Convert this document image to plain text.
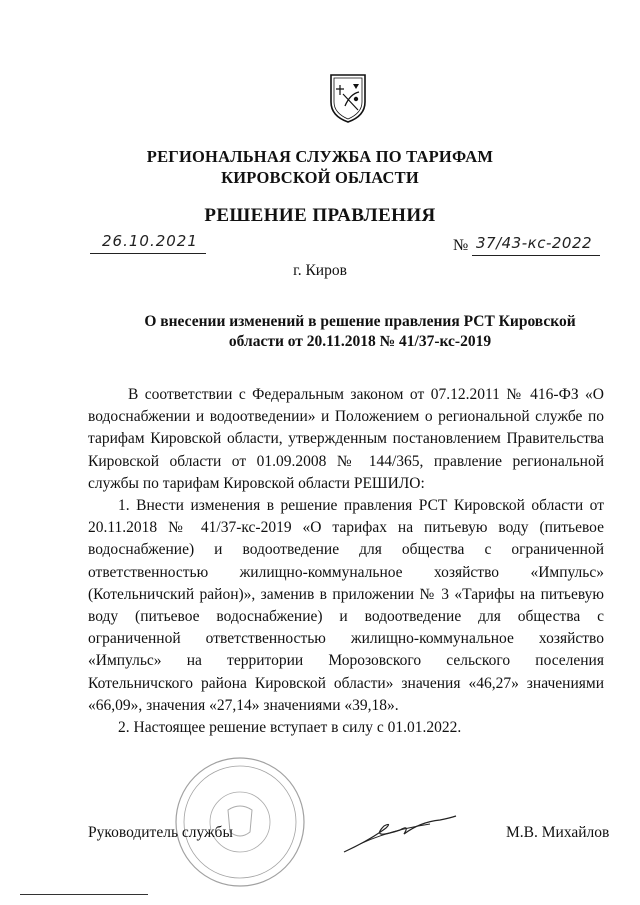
РЕГИОНАЛЬНАЯ СЛУЖБА ПО ТАРИФАМ
КИРОВСКОЙ ОБЛАСТИ
РЕШЕНИЕ ПРАВЛЕНИЯ
26.10.2021	№ 37/43-кс-2022
г. Киров
О внесении изменений в решение правления РСТ Кировской
области от 20.11.2018 № 41/37-кс-2019

В соответствии с Федеральным законом от 07.12.2011 № 416-ФЗ «О водоснабжении и водоотведении» и Положением о региональной службе по тарифам Кировской области, утвержденным постановлением Правительства Кировской области от 01.09.2008 № 144/365, правление региональной службы по тарифам Кировской области РЕШИЛО:

1. Внести изменения в решение правления РСТ Кировской области от 20.11.2018 № 41/37-кс-2019 «О тарифах на питьевую воду (питьевое водоснабжение) и водоотведение для общества с ограниченной ответственностью жилищно-коммунальное хозяйство «Импульс» (Котельничский район)», заменив в приложении № 3 «Тарифы на питьевую воду (питьевое водоснабжение) и водоотведение для общества с ограниченной ответственностью жилищно-коммунальное хозяйство «Импульс» на территории Морозовского сельского поселения Котельничского района Кировской области» значения «46,27» значениями «66,09», значения «27,14» значениями «39,18».

2. Настоящее решение вступает в силу с 01.01.2022.

Руководитель службы	М.В. Михайлов
